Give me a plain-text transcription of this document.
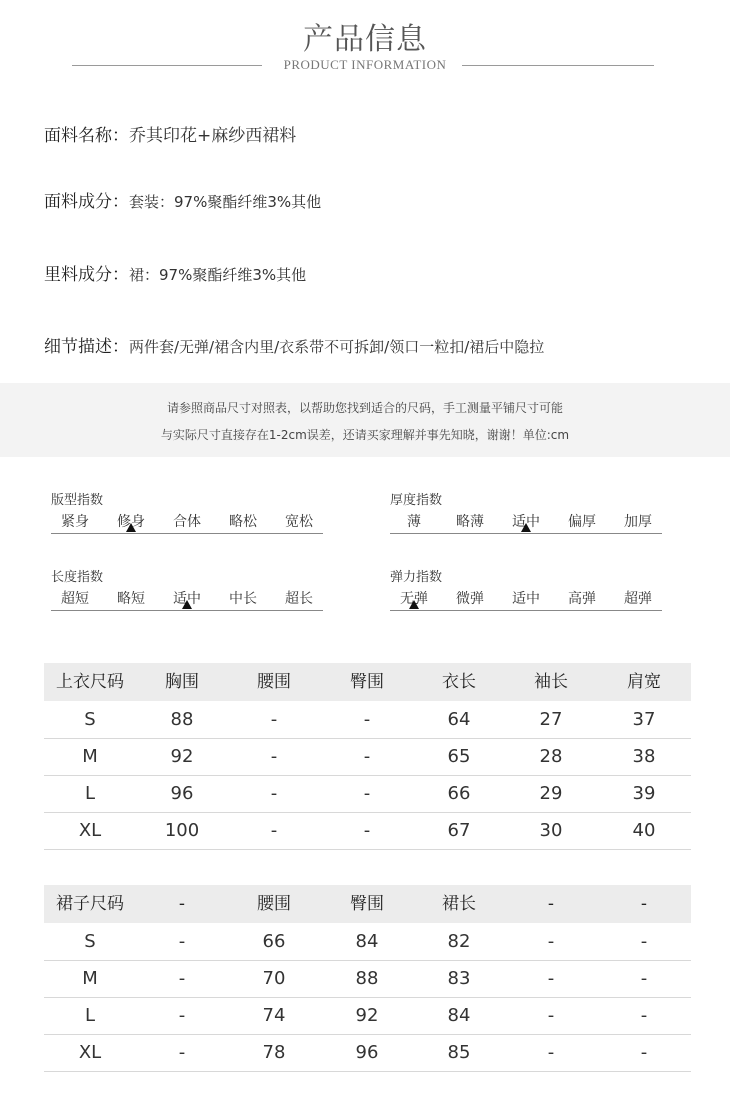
产品信息
PRODUCT INFORMATION
面料名称：乔其印花+麻纱西裙料
面料成分：套装：97%聚酯纤维3%其他
里料成分：裙：97%聚酯纤维3%其他
细节描述：两件套/无弹/裙含内里/衣系带不可拆卸/领口一粒扣/裙后中隐拉
请参照商品尺寸对照表，以帮助您找到适合的尺码，手工测量平铺尺寸可能
与实际尺寸直接存在1-2cm误差，还请买家理解并事先知晓，谢谢！单位:cm
版型指数
紧身	修身	合体	略松	宽松
厚度指数
薄	略薄	适中	偏厚	加厚
长度指数
超短	略短	适中	中长	超长
弹力指数
无弹	微弹	适中	高弹	超弹
上衣尺码	胸围	腰围	臀围	衣长	袖长	肩宽
S	88	-	-	64	27	37
M	92	-	-	65	28	38
L	96	-	-	66	29	39
XL	100	-	-	67	30	40
裙子尺码	-	腰围	臀围	裙长	-	-
S	-	66	84	82	-	-
M	-	70	88	83	-	-
L	-	74	92	84	-	-
XL	-	78	96	85	-	-
